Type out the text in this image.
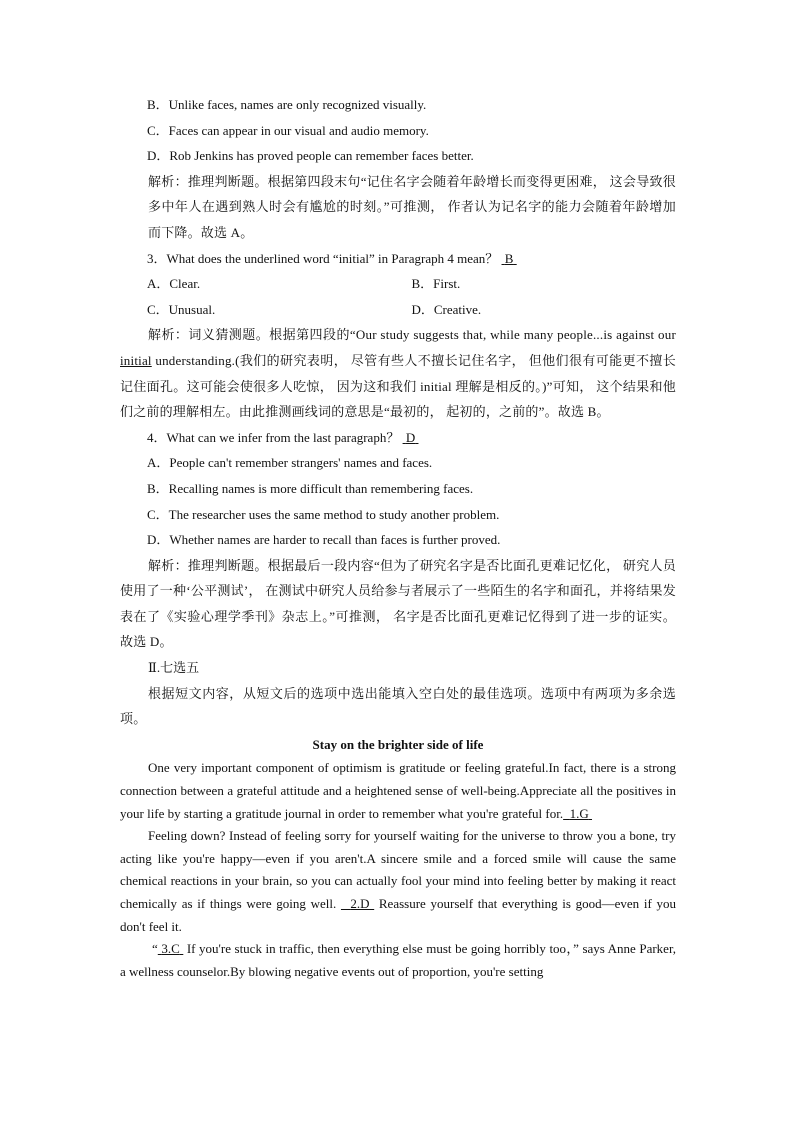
B．Unlike faces, names are only recognized visually.
C．Faces can appear in our visual and audio memory.
D．Rob Jenkins has proved people can remember faces better.
解析：推理判断题。根据第四段末句“记住名字会随着年龄增长而变得更困难， 这会导致很多中年人在遇到熟人时会有尴尬的时刻。”可推测， 作者认为记名字的能力会随着年龄增加而下降。故选 A。
3．What does the underlined word “initial” in Paragraph 4 mean？ B
A．Clear.	B．First.
C．Unusual.	D．Creative.
解析：词义猜测题。根据第四段的“Our study suggests that, while many people...is against our initial understanding.(我们的研究表明， 尽管有些人不擅长记住名字， 但他们很有可能更不擅长记住面孔。这可能会使很多人吃惊， 因为这和我们 initial 理解是相反的。)”可知， 这个结果和他们之前的理解相左。由此推测画线词的意思是“最初的， 起初的，之前的”。故选 B。
4．What can we infer from the last paragraph？ D
A．People can't remember strangers' names and faces.
B．Recalling names is more difficult than remembering faces.
C．The researcher uses the same method to study another problem.
D．Whether names are harder to recall than faces is further proved.
解析：推理判断题。根据最后一段内容“但为了研究名字是否比面孔更难记忆化， 研究人员使用了一种‘公平测试’， 在测试中研究人员给参与者展示了一些陌生的名字和面孔，并将结果发表在了《实验心理学季刊》杂志上。”可推测， 名字是否比面孔更难记忆得到了进一步的证实。故选 D。
Ⅱ.七选五
根据短文内容，从短文后的选项中选出能填入空白处的最佳选项。选项中有两项为多余选项。
Stay on the brighter side of life

One very important component of optimism is gratitude or feeling grateful.In fact, there is a strong connection between a grateful attitude and a heightened sense of well-being.Appreciate all the positives in your life by starting a gratitude journal in order to remember what you're grateful for. 1.G

Feeling down? Instead of feeling sorry for yourself waiting for the universe to throw you a bone, try acting like you're happy—even if you aren't.A sincere smile and a forced smile will cause the same chemical reactions in your brain, so you can actually fool your mind into feeling better by making it react chemically as if things were going well. 2.D  Reassure yourself that everything is good—even if you don't feel it.

“ 3.C  If you're stuck in traffic, then everything else must be going horribly too，” says Anne Parker, a wellness counselor.By blowing negative events out of proportion, you're setting
